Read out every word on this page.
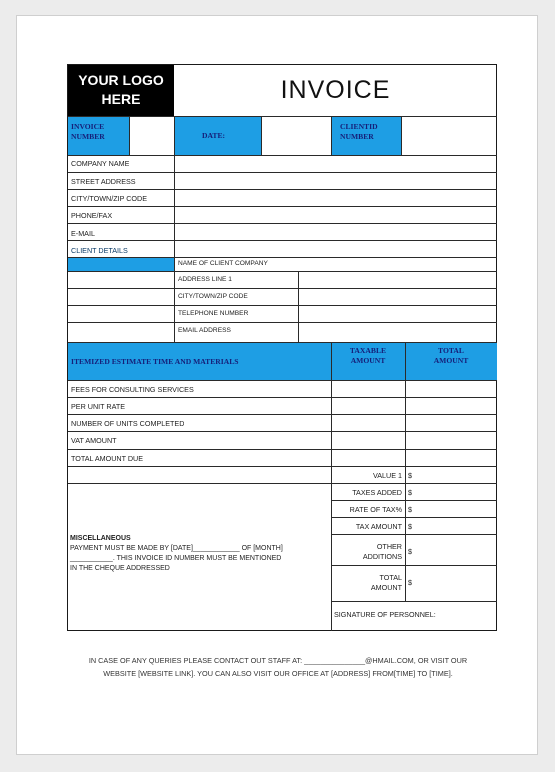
YOUR LOGO
HERE	INVOICE
INVOICE
NUMBER	DATE:
CLIENTID
NUMBER
COMPANY NAME
STREET ADDRESS
CITY/TOWN/ZIP CODE
PHONE/FAX
E-MAIL
CLIENT DETAILS
NAME OF CLIENT COMPANY
ADDRESS LINE 1
CITY/TOWN/ZIP CODE
TELEPHONE NUMBER
EMAIL ADDRESS
ITEMIZED ESTIMATE TIME AND MATERIALS
TAXABLE
AMOUNT
TOTAL
AMOUNT
FEES FOR CONSULTING SERVICES
PER UNIT RATE
NUMBER OF UNITS COMPLETED
VAT AMOUNT
TOTAL AMOUNT DUE
VALUE 1
TAXES ADDED
RATE OF TAX%
TAX AMOUNT
OTHER
ADDITIONS
TOTAL
AMOUNT
SIGNATURE OF PERSONNEL:
$
$
$
$
$
$
MISCELLANEOUS
PAYMENT MUST BE MADE BY [DATE]____________ OF [MONTH]
___________. THIS INVOICE ID NUMBER MUST BE MENTIONED
IN THE CHEQUE ADDRESSED
IN CASE OF ANY QUERIES PLEASE CONTACT OUT STAFF AT: _______________@HMAIL.COM, OR VISIT OUR
WEBSITE [WEBSITE LINK]. YOU CAN ALSO VISIT OUR OFFICE AT [ADDRESS] FROM[TIME] TO [TIME].
